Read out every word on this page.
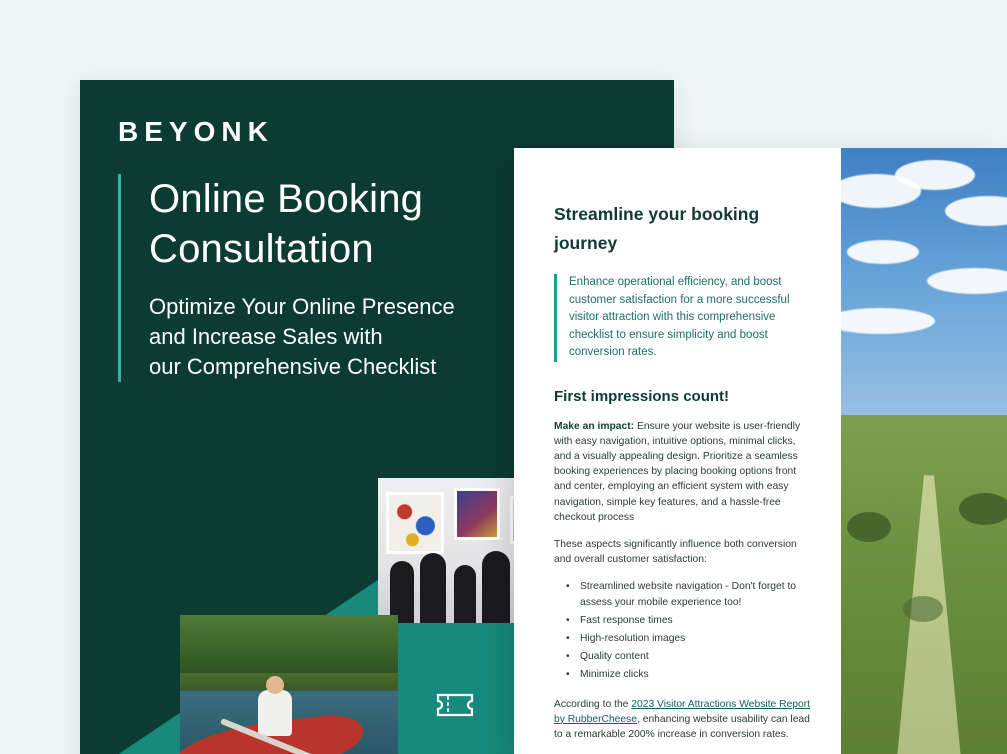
BEYONK
Online Booking Consultation

Optimize Your Online Presence

and Increase Sales with

our Comprehensive Checklist

Streamline your booking journey

Enhance operational efficiency, and boost customer satisfaction for a more successful visitor attraction with this comprehensive checklist to ensure simplicity and boost conversion rates.

First impressions count!

Make an impact: Ensure your website is user-friendly with easy navigation, intuitive options, minimal clicks, and a visually appealing design. Prioritize a seamless booking experiences by placing booking options front and center, employing an efficient system with easy navigation, simple key features, and a hassle-free checkout process

These aspects significantly influence both conversion and overall customer satisfaction:

• Streamlined website navigation - Don't forget to assess your mobile experience too!
• Fast response times
• High-resolution images
• Quality content
• Minimize clicks

According to the 2023 Visitor Attractions Website Report by RubberCheese, enhancing website usability can lead to a remarkable 200% increase in conversion rates.
